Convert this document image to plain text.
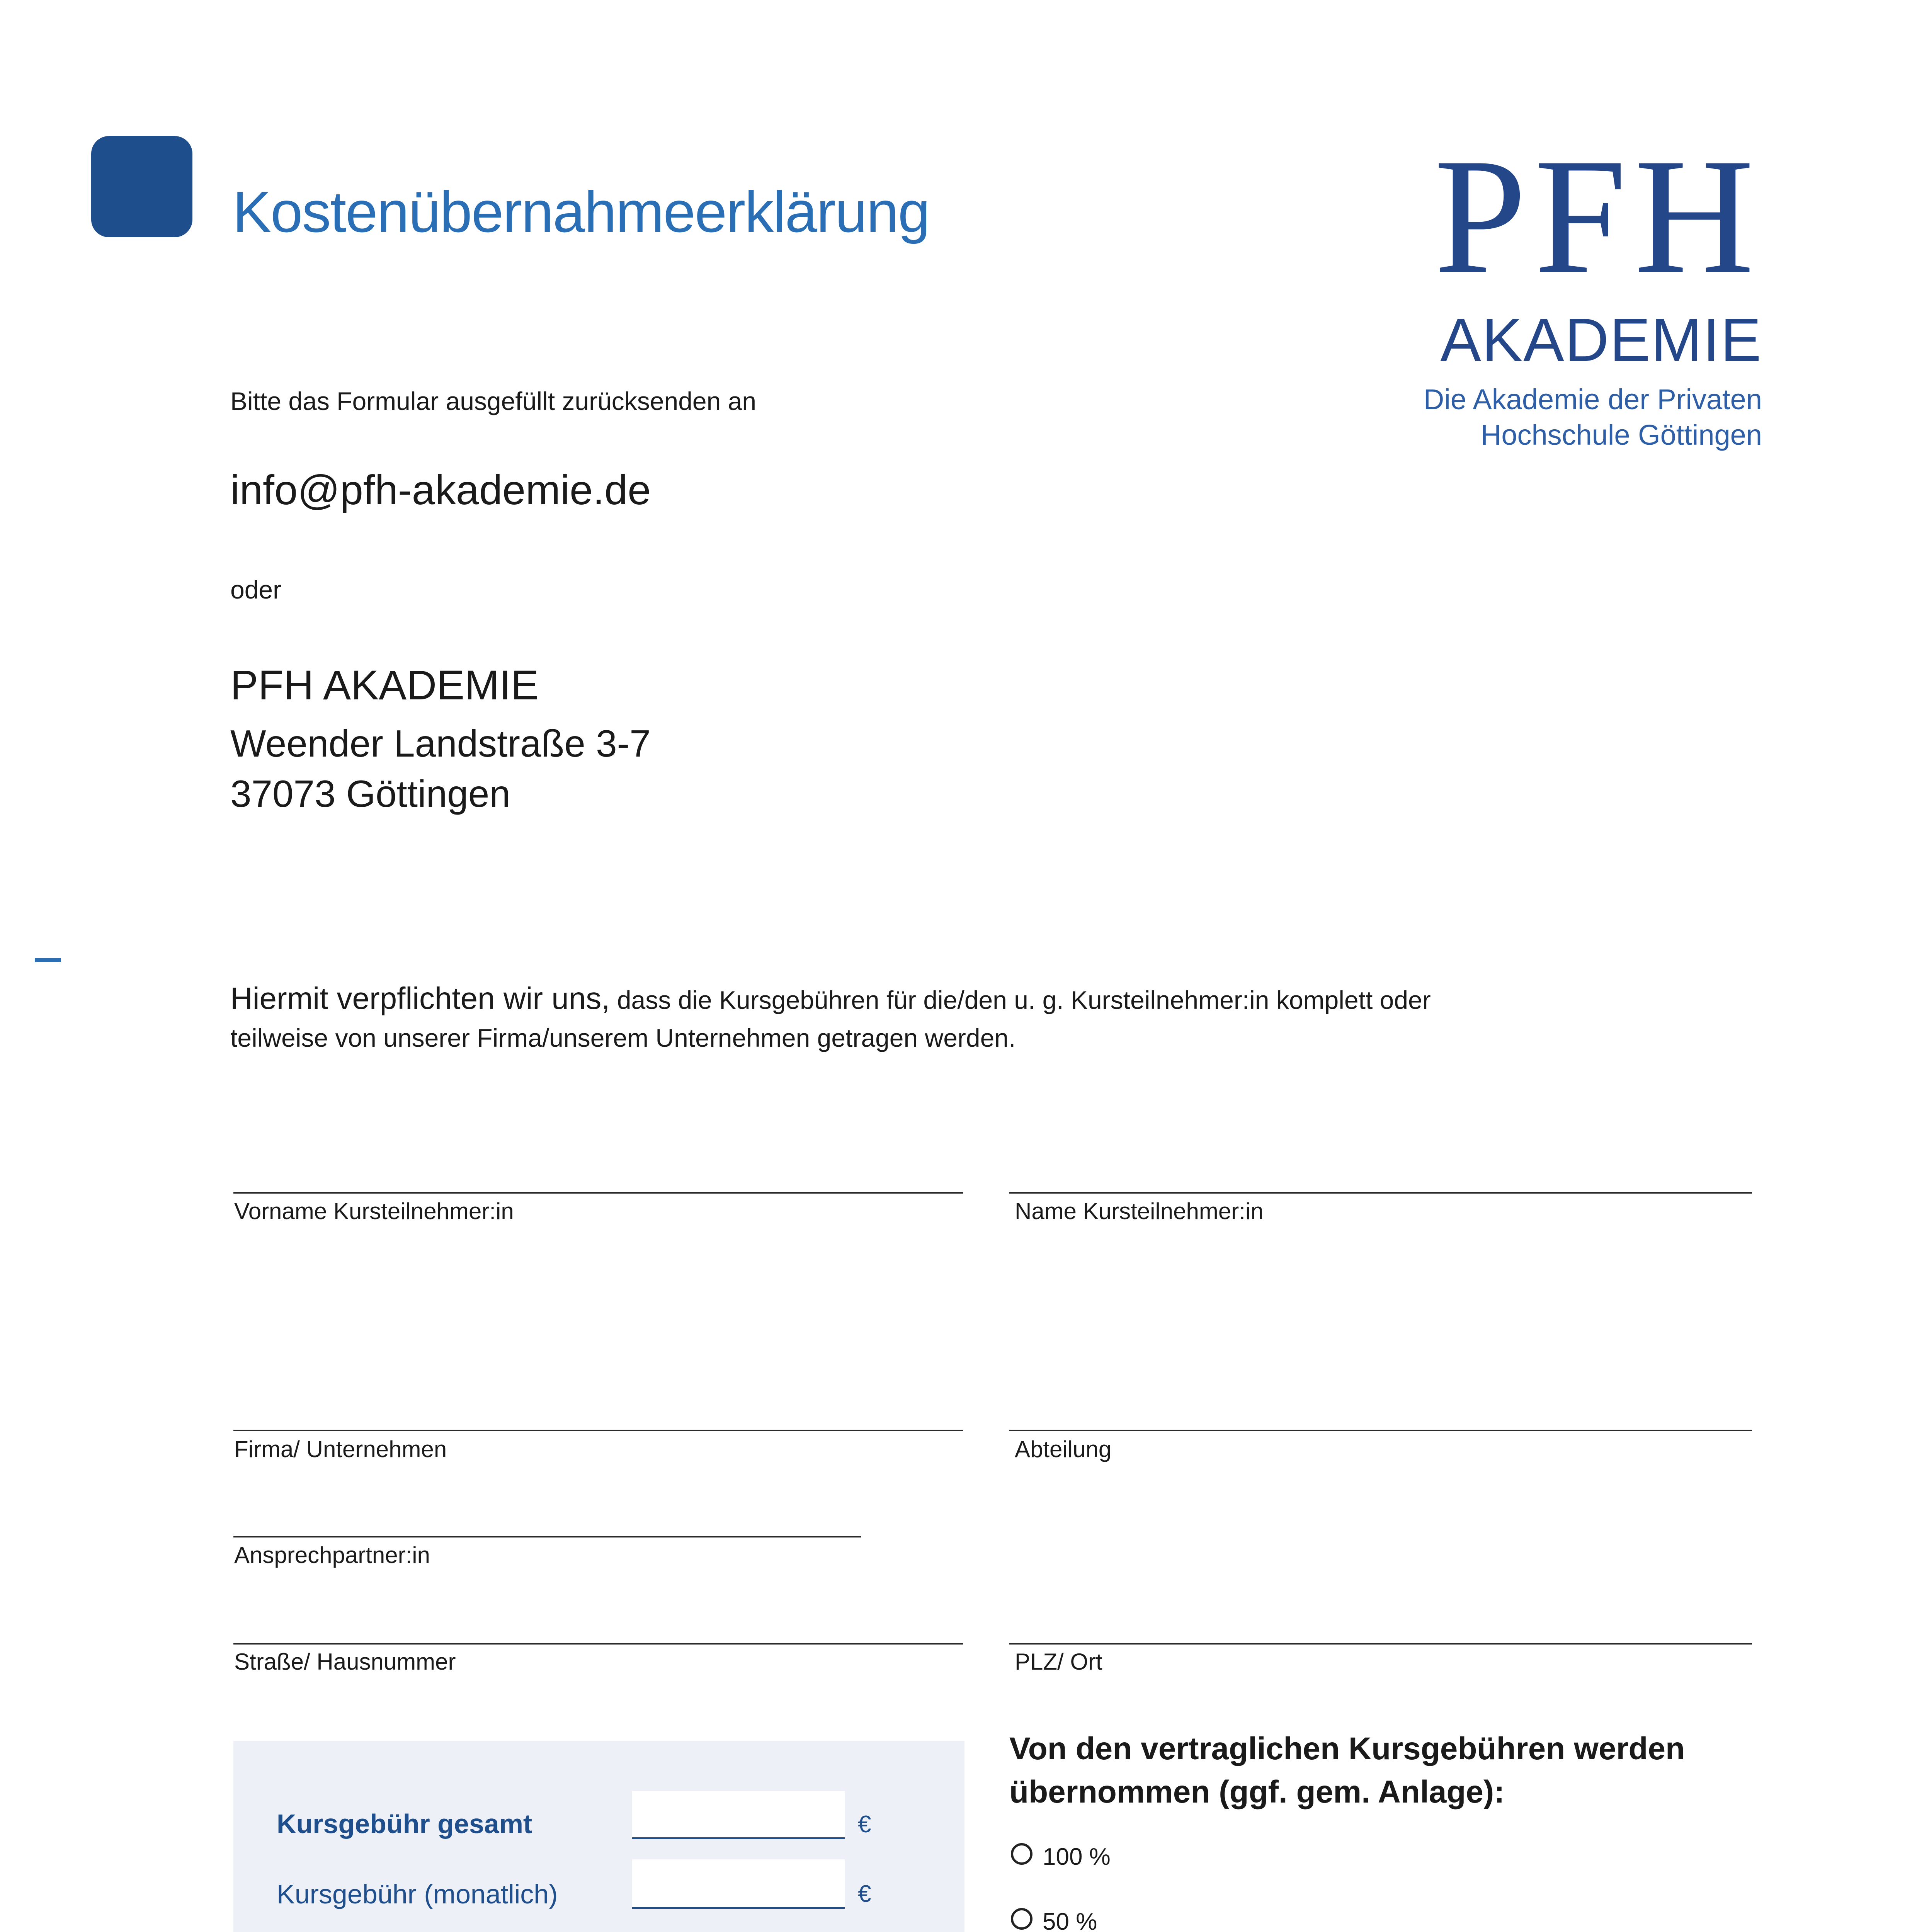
Kostenübernahmeerklärung	PFH
AKADEMIE
Die Akademie der Privaten
Hochschule Göttingen
Bitte das Formular ausgefüllt zurücksenden an
info@pfh-akademie.de
oder
PFH AKADEMIE
Weender Landstraße 3-7
37073 Göttingen
Hiermit verpflichten wir uns, dass die Kursgebühren für die/den u. g. Kursteilnehmer:in komplett oder
teilweise von unserer Firma/unserem Unternehmen getragen werden.
Vorname Kursteilnehmer:in	Name Kursteilnehmer:in
Firma/ Unternehmen	Abteilung
Ansprechpartner:in
Straße/ Hausnummer	PLZ/ Ort
Kursgebühr gesamt	€
Kursgebühr (monatlich)	€
Von den vertraglichen Kursgebühren werden
übernommen (ggf. gem. Anlage):
100 %
50 %
